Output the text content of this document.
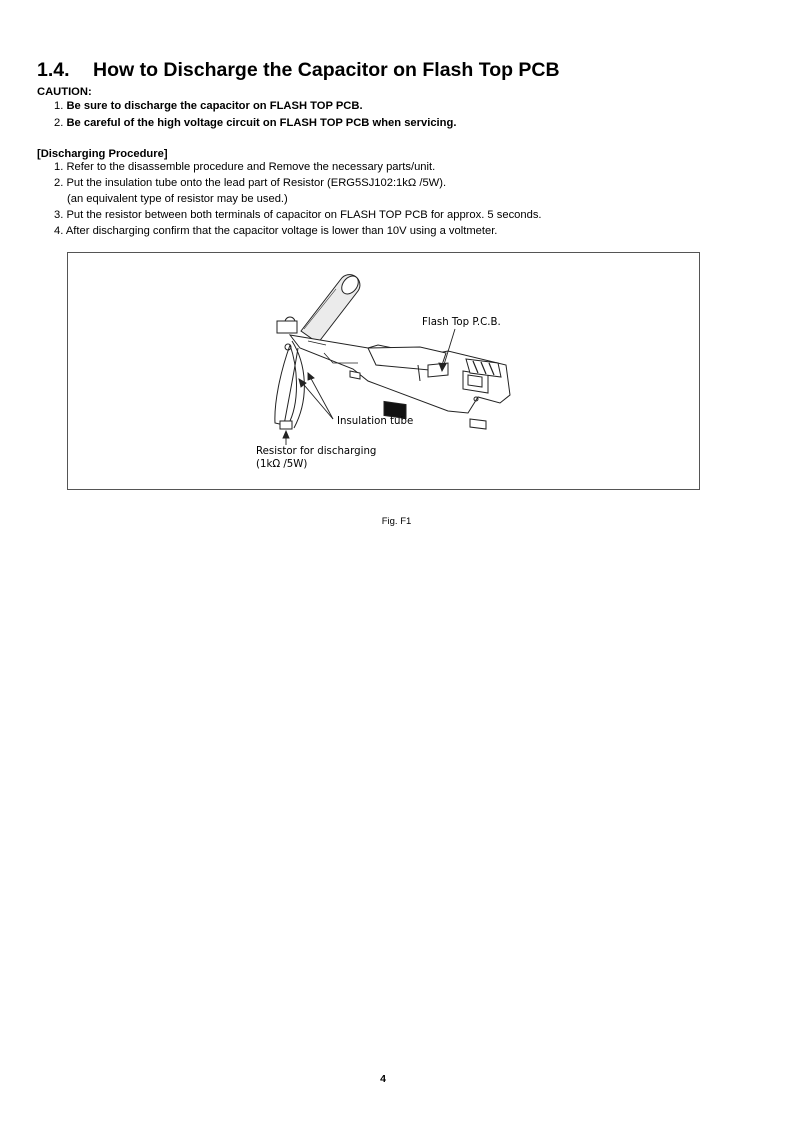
1.4. How to Discharge the Capacitor on Flash Top PCB
CAUTION:
1. Be sure to discharge the capacitor on FLASH TOP PCB.
2. Be careful of the high voltage circuit on FLASH TOP PCB when servicing.
[Discharging Procedure]
1. Refer to the disassemble procedure and Remove the necessary parts/unit.
2. Put the insulation tube onto the lead part of Resistor (ERG5SJ102:1kΩ /5W).
(an equivalent type of resistor may be used.)
3. Put the resistor between both terminals of capacitor on FLASH TOP PCB for approx. 5 seconds.
4. After discharging confirm that the capacitor voltage is lower than 10V using a voltmeter.
Flash Top P.C.B.
Insulation tube
Resistor for discharging
(1kΩ /5W)
Fig. F1
4
